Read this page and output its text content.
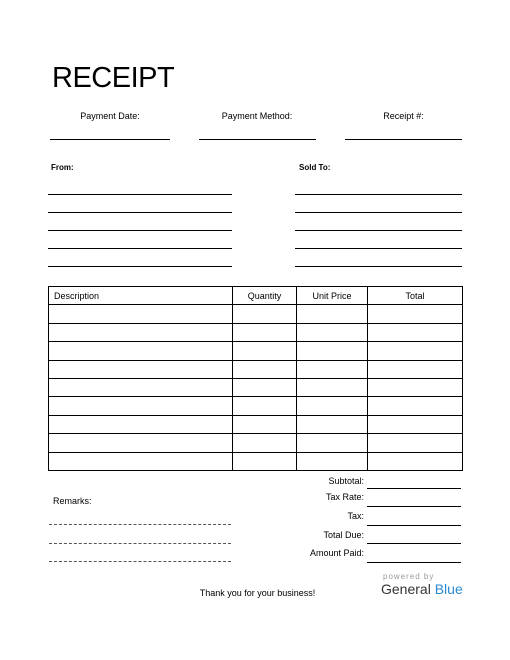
RECEIPT
Payment Date:	Payment Method:	Receipt #:
From:	Sold To:
Description	Quantity	Unit Price	Total

Subtotal:
Tax Rate:
Tax:
Total Due:
Amount Paid:
Remarks:
Thank you for your business!
powered by
General Blue
